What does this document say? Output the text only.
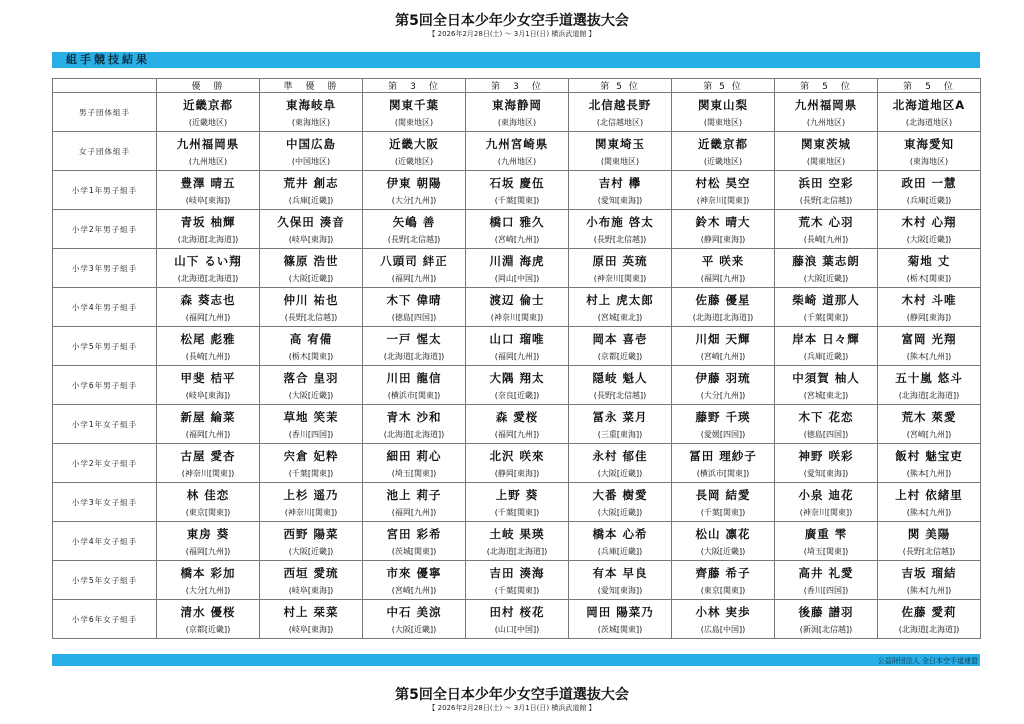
第5回全日本少年少女空手道選抜大会
【 2026年2月28日(土) ～ 3月1日(日) 横浜武道館 】
組手競技結果
	優　勝	準　優　勝	第　3　位	第　3　位	第 5 位	第 5 位	第　5　位	第　5　位
男子団体組手	近畿京都	東海岐阜	関東千葉	東海静岡	北信越長野	関東山梨	九州福岡県	北海道地区A
	(近畿地区)	(東海地区)	(関東地区)	(東海地区)	(北信越地区)	(関東地区)	(九州地区)	(北海道地区)
女子団体組手	九州福岡県	中国広島	近畿大阪	九州宮崎県	関東埼玉	近畿京都	関東茨城	東海愛知
	(九州地区)	(中国地区)	(近畿地区)	(九州地区)	(関東地区)	(近畿地区)	(関東地区)	(東海地区)
小学1年男子組手	豊澤 晴五	荒井 創志	伊東 朝陽	石坂 慶伍	吉村 欅	村松 昊空	浜田 空彩	政田 一慧
	(岐阜[東海])	(兵庫[近畿])	(大分[九州])	(千葉[関東])	(愛知[東海])	(神奈川[関東])	(長野[北信越])	(兵庫[近畿])
小学2年男子組手	青坂 柚輝	久保田 湊音	矢嶋 善	橋口 雅久	小布施 啓太	鈴木 晴大	荒木 心羽	木村 心翔
	(北海道[北海道])	(岐阜[東海])	(長野[北信越])	(宮崎[九州])	(長野[北信越])	(静岡[東海])	(長崎[九州])	(大阪[近畿])
小学3年男子組手	山下 るい翔	篠原 浩世	八頭司 絆正	川淵 海虎	原田 英琉	平 咲来	藤浪 葉志朗	菊地 丈
	(北海道[北海道])	(大阪[近畿])	(福岡[九州])	(岡山[中国])	(神奈川[関東])	(福岡[九州])	(大阪[近畿])	(栃木[関東])
小学4年男子組手	森 葵志也	仲川 祐也	木下 偉晴	渡辺 倫士	村上 虎太郎	佐藤 優星	柴崎 道那人	木村 斗唯
	(福岡[九州])	(長野[北信越])	(徳島[四国])	(神奈川[関東])	(宮城[東北])	(北海道[北海道])	(千葉[関東])	(静岡[東海])
小学5年男子組手	松尾 彪雅	高 宥備	一戸 惺太	山口 瑠唯	岡本 喜壱	川畑 天輝	岸本 日々輝	富岡 光翔
	(長崎[九州])	(栃木[関東])	(北海道[北海道])	(福岡[九州])	(京都[近畿])	(宮崎[九州])	(兵庫[近畿])	(熊本[九州])
小学6年男子組手	甲斐 桔平	落合 皇羽	川田 龍信	大隅 翔太	隠岐 魁人	伊藤 羽琉	中須賀 柚人	五十嵐 悠斗
	(岐阜[東海])	(大阪[近畿])	(横浜市[関東])	(奈良[近畿])	(長野[北信越])	(大分[九州])	(宮城[東北])	(北海道[北海道])
小学1年女子組手	新屋 綸菜	草地 笑茉	青木 沙和	森 愛桜	冨永 菜月	藤野 千瑛	木下 花恋	荒木 萊愛
	(福岡[九州])	(香川[四国])	(北海道[北海道])	(福岡[九州])	(三重[東海])	(愛媛[四国])	(徳島[四国])	(宮崎[九州])
小学2年女子組手	古屋 愛杏	宍倉 妃粋	細田 莉心	北沢 咲來	永村 郁佳	冨田 理紗子	神野 咲彩	飯村 魅宝吏
	(神奈川[関東])	(千葉[関東])	(埼玉[関東])	(静岡[東海])	(大阪[近畿])	(横浜市[関東])	(愛知[東海])	(熊本[九州])
小学3年女子組手	林 佳恋	上杉 遥乃	池上 莉子	上野 葵	大番 樹愛	長岡 結愛	小泉 迪花	上村 依緒里
	(東京[関東])	(神奈川[関東])	(福岡[九州])	(千葉[関東])	(大阪[近畿])	(千葉[関東])	(神奈川[関東])	(熊本[九州])
小学4年女子組手	東房 葵	西野 陽菜	宮田 彩希	土岐 果瑛	橋本 心希	松山 凛花	廣重 雫	関 美陽
	(福岡[九州])	(大阪[近畿])	(茨城[関東])	(北海道[北海道])	(兵庫[近畿])	(大阪[近畿])	(埼玉[関東])	(長野[北信越])
小学5年女子組手	橋本 彩加	西垣 愛琉	市來 優寧	吉田 湊海	有本 早良	齊藤 希子	高井 礼愛	吉坂 瑠結
	(大分[九州])	(岐阜[東海])	(宮崎[九州])	(千葉[関東])	(愛知[東海])	(東京[関東])	(香川[四国])	(熊本[九州])
小学6年女子組手	清水 優桜	村上 栞菜	中石 美涼	田村 桜花	岡田 陽菜乃	小林 実歩	後藤 譜羽	佐藤 愛莉
	(京都[近畿])	(岐阜[東海])	(大阪[近畿])	(山口[中国])	(茨城[関東])	(広島[中国])	(新潟[北信越])	(北海道[北海道])
公益財団法人 全日本空手道連盟
第5回全日本少年少女空手道選抜大会
【 2026年2月28日(土) ～ 3月1日(日) 横浜武道館 】
